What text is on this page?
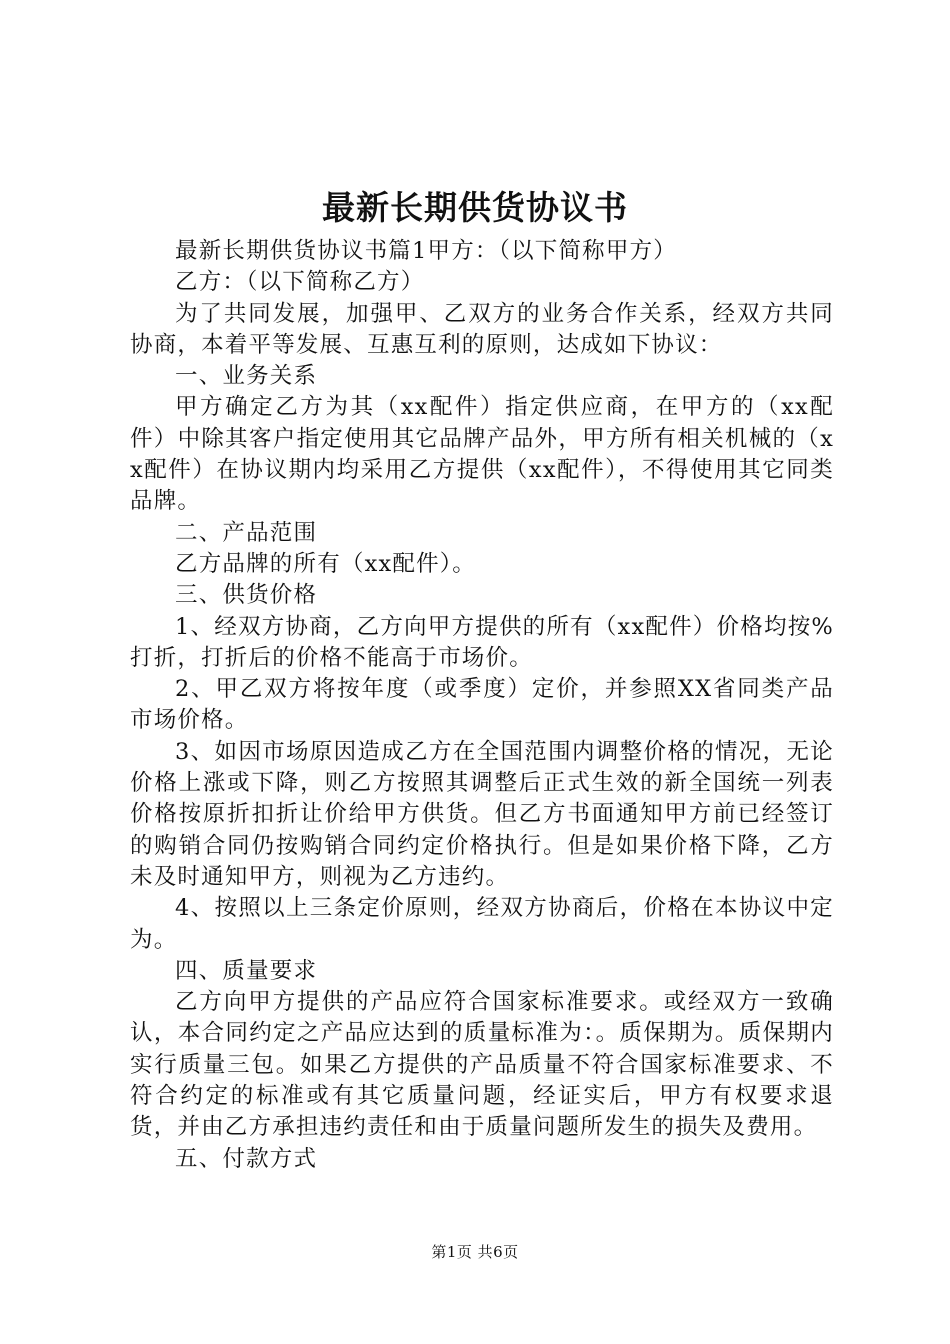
最新长期供货协议书

最新长期供货协议书篇1甲方：（以下简称甲方）

乙方：（以下简称乙方）

为了共同发展，加强甲、乙双方的业务合作关系，经双方共同协商，本着平等发展、互惠互利的原则，达成如下协议：

一、业务关系

甲方确定乙方为其（xx配件）指定供应商，在甲方的（xx配件）中除其客户指定使用其它品牌产品外，甲方所有相关机械的（xx配件）在协议期内均采用乙方提供（xx配件），不得使用其它同类品牌。

二、产品范围

乙方品牌的所有（xx配件）。

三、供货价格

1、经双方协商，乙方向甲方提供的所有（xx配件）价格均按%打折，打折后的价格不能高于市场价。

2、甲乙双方将按年度（或季度）定价，并参照XX省同类产品市场价格。

3、如因市场原因造成乙方在全国范围内调整价格的情况，无论价格上涨或下降，则乙方按照其调整后正式生效的新全国统一列表价格按原折扣折让价给甲方供货。但乙方书面通知甲方前已经签订的购销合同仍按购销合同约定价格执行。但是如果价格下降，乙方未及时通知甲方，则视为乙方违约。

4、按照以上三条定价原则，经双方协商后，价格在本协议中定为。

四、质量要求

乙方向甲方提供的产品应符合国家标准要求。或经双方一致确认，本合同约定之产品应达到的质量标准为：。质保期为。质保期内实行质量三包。如果乙方提供的产品质量不符合国家标准要求、不符合约定的标准或有其它质量问题，经证实后，甲方有权要求退货，并由乙方承担违约责任和由于质量问题所发生的损失及费用。

五、付款方式

第1页 共6页
